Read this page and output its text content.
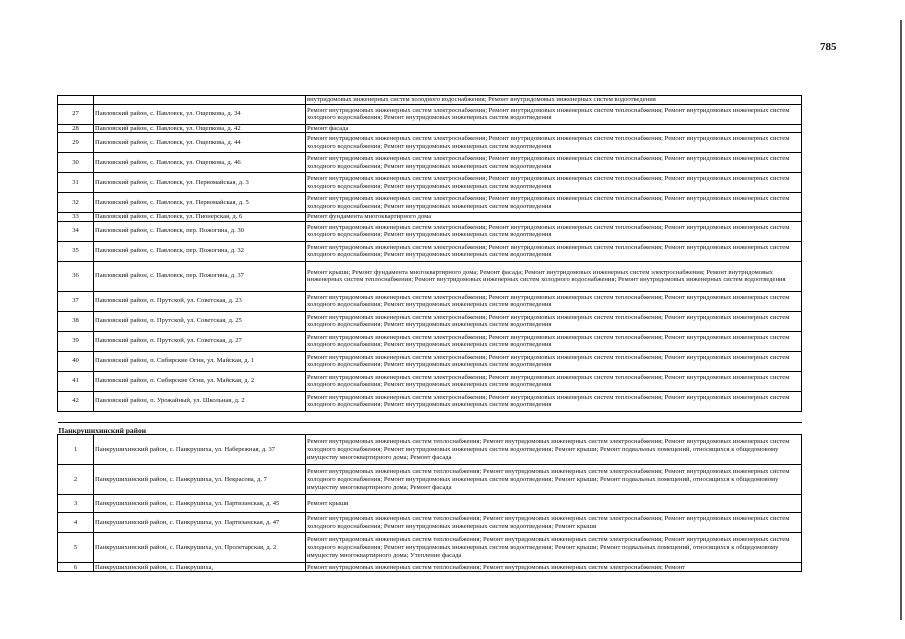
785
		внутридомовых инженерных систем холодного водоснабжения; Ремонт внутридомовых инженерных систем водоотведения
27	Павловский район, с. Павловск, ул. Ощепкова, д. 34	Ремонт внутридомовых инженерных систем электроснабжения; Ремонт внутридомовых инженерных систем теплоснабжения; Ремонт внутридомовых инженерных систем холодного водоснабжения; Ремонт внутридомовых инженерных систем водоотведения
28	Павловский район, с. Павловск, ул. Ощепкова, д. 42	Ремонт фасада
29	Павловский район, с. Павловск, ул. Ощепкова, д. 44	Ремонт внутридомовых инженерных систем электроснабжения; Ремонт внутридомовых инженерных систем теплоснабжения; Ремонт внутридомовых инженерных систем холодного водоснабжения; Ремонт внутридомовых инженерных систем водоотведения
30	Павловский район, с. Павловск, ул. Ощепкова, д. 46	Ремонт внутридомовых инженерных систем электроснабжения; Ремонт внутридомовых инженерных систем теплоснабжения; Ремонт внутридомовых инженерных систем холодного водоснабжения; Ремонт внутридомовых инженерных систем водоотведения
31	Павловский район, с. Павловск, ул. Первомайская, д. 3	Ремонт внутридомовых инженерных систем электроснабжения; Ремонт внутридомовых инженерных систем теплоснабжения; Ремонт внутридомовых инженерных систем холодного водоснабжения; Ремонт внутридомовых инженерных систем водоотведения
32	Павловский район, с. Павловск, ул. Первомайская, д. 5	Ремонт внутридомовых инженерных систем электроснабжения; Ремонт внутридомовых инженерных систем теплоснабжения; Ремонт внутридомовых инженерных систем холодного водоснабжения; Ремонт внутридомовых инженерных систем водоотведения
33	Павловский район, с. Павловск, ул. Пионерская, д. 6	Ремонт фундамента многоквартирного дома
34	Павловский район, с. Павловск, пер. Пожогина, д. 30	Ремонт внутридомовых инженерных систем электроснабжения; Ремонт внутридомовых инженерных систем теплоснабжения; Ремонт внутридомовых инженерных систем холодного водоснабжения; Ремонт внутридомовых инженерных систем водоотведения
35	Павловский район, с. Павловск, пер. Пожогина, д. 32	Ремонт внутридомовых инженерных систем электроснабжения; Ремонт внутридомовых инженерных систем теплоснабжения; Ремонт внутридомовых инженерных систем холодного водоснабжения; Ремонт внутридомовых инженерных систем водоотведения
36	Павловский район, с. Павловск, пер. Пожогина, д. 37	Ремонт крыши; Ремонт фундамента многоквартирного дома; Ремонт фасада; Ремонт внутридомовых инженерных систем электроснабжения; Ремонт внутридомовых инженерных систем теплоснабжения; Ремонт внутридомовых инженерных систем холодного водоснабжения; Ремонт внутридомовых инженерных систем водоотведения
37	Павловский район, п. Прутской, ул. Советская, д. 23	Ремонт внутридомовых инженерных систем электроснабжения; Ремонт внутридомовых инженерных систем теплоснабжения; Ремонт внутридомовых инженерных систем холодного водоснабжения; Ремонт внутридомовых инженерных систем водоотведения
38	Павловский район, п. Прутской, ул. Советская, д. 25	Ремонт внутридомовых инженерных систем электроснабжения; Ремонт внутридомовых инженерных систем теплоснабжения; Ремонт внутридомовых инженерных систем холодного водоснабжения; Ремонт внутридомовых инженерных систем водоотведения
39	Павловский район, п. Прутской, ул. Советская, д. 27	Ремонт внутридомовых инженерных систем электроснабжения; Ремонт внутридомовых инженерных систем теплоснабжения; Ремонт внутридомовых инженерных систем холодного водоснабжения; Ремонт внутридомовых инженерных систем водоотведения
40	Павловский район, п. Сибирские Огни, ул. Майская, д. 1	Ремонт внутридомовых инженерных систем электроснабжения; Ремонт внутридомовых инженерных систем теплоснабжения; Ремонт внутридомовых инженерных систем холодного водоснабжения; Ремонт внутридомовых инженерных систем водоотведения
41	Павловский район, п. Сибирские Огни, ул. Майская, д. 2	Ремонт внутридомовых инженерных систем электроснабжения; Ремонт внутридомовых инженерных систем теплоснабжения; Ремонт внутридомовых инженерных систем холодного водоснабжения; Ремонт внутридомовых инженерных систем водоотведения
42	Павловский район, п. Урожайный, ул. Школьная, д. 2	Ремонт внутридомовых инженерных систем электроснабжения; Ремонт внутридомовых инженерных систем теплоснабжения; Ремонт внутридомовых инженерных систем холодного водоснабжения; Ремонт внутридомовых инженерных систем водоотведения

Панкрушихинский район		
1	Панкрушихинский район, с. Панкрушиха, ул. Набережная, д. 37	Ремонт внутридомовых инженерных систем теплоснабжения; Ремонт внутридомовых инженерных систем электроснабжения; Ремонт внутридомовых инженерных систем холодного водоснабжения; Ремонт внутридомовых инженерных систем водоотведения; Ремонт крыши; Ремонт подвальных помещений, относящихся к общедомовому имуществу многоквартирного дома; Ремонт фасада
2	Панкрушихинский район, с. Панкрушиха, ул. Некрасова, д. 7	Ремонт внутридомовых инженерных систем теплоснабжения; Ремонт внутридомовых инженерных систем электроснабжения; Ремонт внутридомовых инженерных систем холодного водоснабжения; Ремонт внутридомовых инженерных систем водоотведения; Ремонт крыши; Ремонт подвальных помещений, относящихся к общедомовому имуществу многоквартирного дома; Ремонт фасада
3	Панкрушихинский район, с. Панкрушиха, ул. Партизанская, д. 45	Ремонт крыши
4	Панкрушихинский район, с. Панкрушиха, ул. Партизанская, д. 47	Ремонт внутридомовых инженерных систем теплоснабжения; Ремонт внутридомовых инженерных систем электроснабжения; Ремонт внутридомовых инженерных систем холодного водоснабжения; Ремонт внутридомовых инженерных систем водоотведения; Ремонт крыши
5	Панкрушихинский район, с. Панкрушиха, ул. Пролетарская, д. 2	Ремонт внутридомовых инженерных систем теплоснабжения; Ремонт внутридомовых инженерных систем электроснабжения; Ремонт внутридомовых инженерных систем холодного водоснабжения; Ремонт внутридомовых инженерных систем водоотведения; Ремонт крыши; Ремонт подвальных помещений, относящихся к общедомовому имуществу многоквартирного дома; Утепление фасада
6	Панкрушихинский район, с. Панкрушиха,	Ремонт внутридомовых инженерных систем теплоснабжения; Ремонт внутридомовых инженерных систем электроснабжения; Ремонт
